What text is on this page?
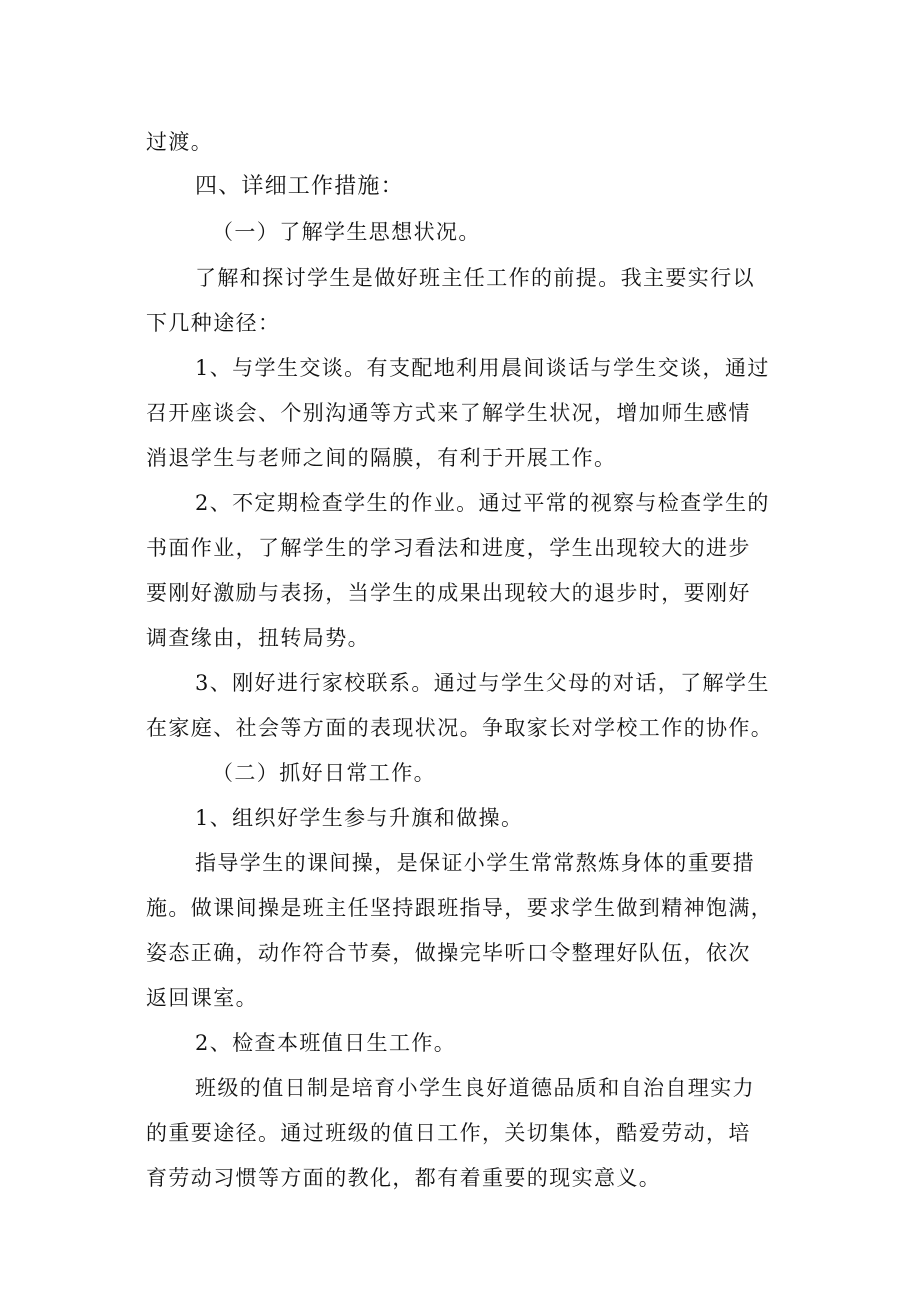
过渡。
四、详细工作措施：
（一）了解学生思想状况。
了解和探讨学生是做好班主任工作的前提。我主要实行以
下几种途径：
1、与学生交谈。有支配地利用晨间谈话与学生交谈，通过
召开座谈会、个别沟通等方式来了解学生状况，增加师生感情
消退学生与老师之间的隔膜，有利于开展工作。
2、不定期检查学生的作业。通过平常的视察与检查学生的
书面作业，了解学生的学习看法和进度，学生出现较大的进步
要刚好激励与表扬，当学生的成果出现较大的退步时，要刚好
调查缘由，扭转局势。
3、刚好进行家校联系。通过与学生父母的对话，了解学生
在家庭、社会等方面的表现状况。争取家长对学校工作的协作。
（二）抓好日常工作。
1、组织好学生参与升旗和做操。
指导学生的课间操，是保证小学生常常熬炼身体的重要措
施。做课间操是班主任坚持跟班指导，要求学生做到精神饱满，
姿态正确，动作符合节奏，做操完毕听口令整理好队伍，依次
返回课室。
2、检查本班值日生工作。
班级的值日制是培育小学生良好道德品质和自治自理实力
的重要途径。通过班级的值日工作，关切集体，酷爱劳动，培
育劳动习惯等方面的教化，都有着重要的现实意义。
